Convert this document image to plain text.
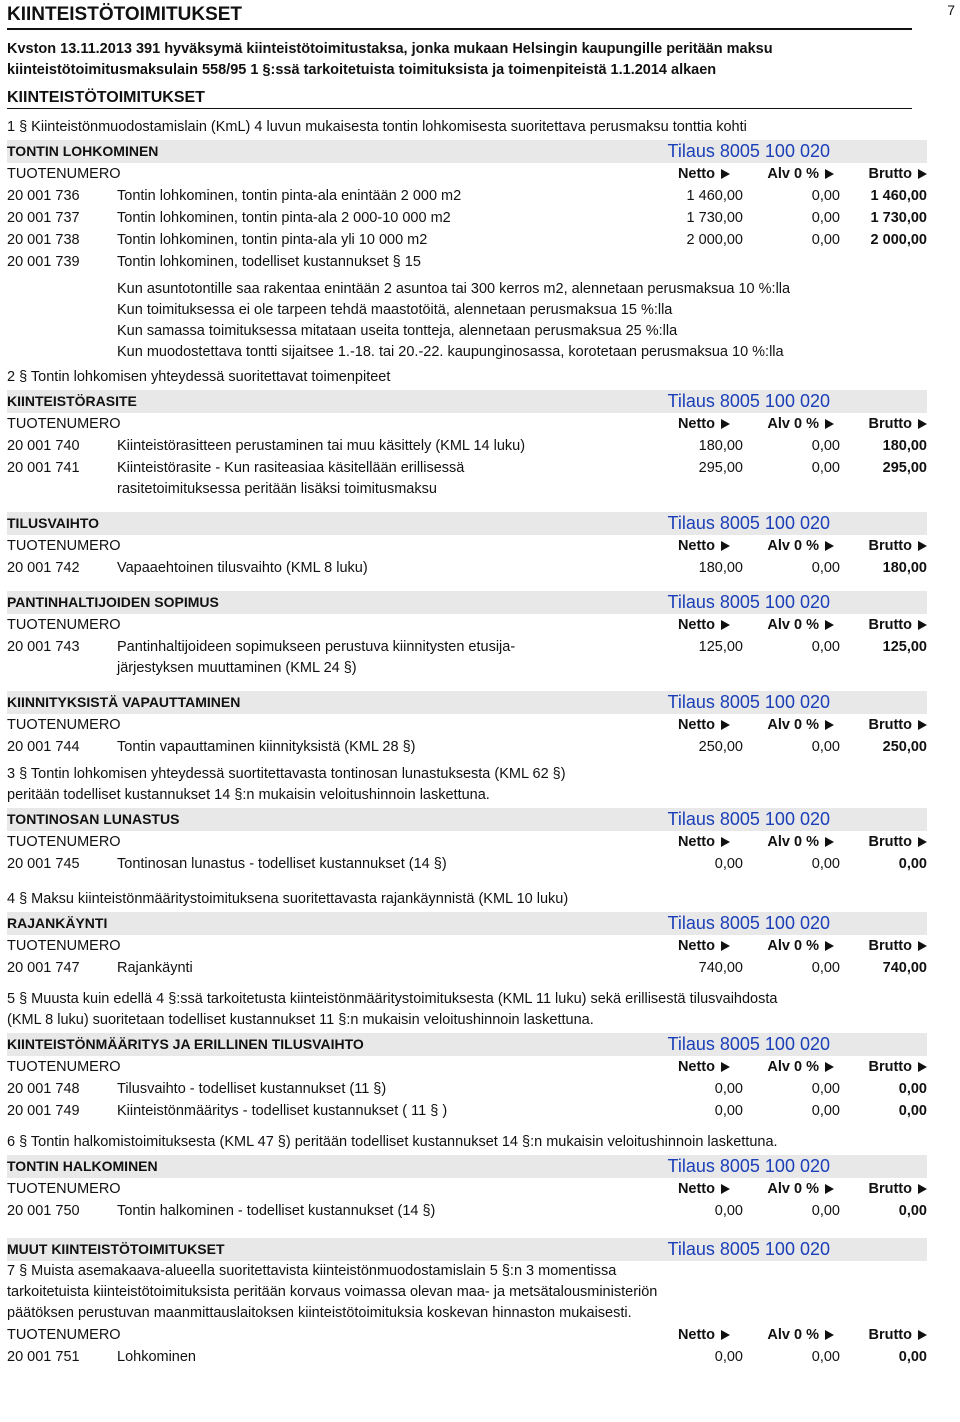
7
KIINTEISTÖTOIMITUKSET
Kvston 13.11.2013 391 hyväksymä kiinteistötoimitustaksa, jonka mukaan Helsingin kaupungille peritään maksu
kiinteistötoimitusmaksulain 558/95 1 §:ssä tarkoitetuista toimituksista ja toimenpiteistä 1.1.2014 alkaen
KIINTEISTÖTOIMITUKSET
1 § Kiinteistönmuodostamislain (KmL) 4 luvun mukaisesta tontin lohkomisesta suoritettava perusmaksu tonttia kohti
TONTIN LOHKOMINEN	Tilaus 8005 100 020
TUOTENUMERO	Netto	Alv 0 %	Brutto
20 001 736	Tontin lohkominen, tontin pinta-ala enintään 2 000 m2	1 460,00	0,00	1 460,00
20 001 737	Tontin lohkominen, tontin pinta-ala 2 000-10 000 m2	1 730,00	0,00	1 730,00
20 001 738	Tontin lohkominen, tontin pinta-ala yli 10 000 m2	2 000,00	0,00	2 000,00
20 001 739	Tontin lohkominen, todelliset kustannukset § 15
Kun asuntotontille saa rakentaa enintään 2 asuntoa tai 300 kerros m2, alennetaan perusmaksua 10 %:lla
Kun toimituksessa ei ole tarpeen tehdä maastotöitä, alennetaan perusmaksua 15 %:lla
Kun samassa toimituksessa mitataan useita tontteja, alennetaan perusmaksua 25 %:lla
Kun muodostettava tontti sijaitsee 1.-18. tai 20.-22. kaupunginosassa, korotetaan perusmaksua 10 %:lla
2 § Tontin lohkomisen yhteydessä suoritettavat toimenpiteet
KIINTEISTÖRASITE	Tilaus 8005 100 020
TUOTENUMERO	Netto	Alv 0 %	Brutto
20 001 740	Kiinteistörasitteen perustaminen tai muu käsittely (KML 14 luku)	180,00	0,00	180,00
20 001 741	Kiinteistörasite - Kun rasiteasiaa käsitellään erillisessä	295,00	0,00	295,00
rasitetoimituksessa peritään lisäksi toimitusmaksu
TILUSVAIHTO	Tilaus 8005 100 020
TUOTENUMERO	Netto	Alv 0 %	Brutto
20 001 742	Vapaaehtoinen tilusvaihto (KML 8 luku)	180,00	0,00	180,00
PANTINHALTIJOIDEN SOPIMUS	Tilaus 8005 100 020
TUOTENUMERO	Netto	Alv 0 %	Brutto
20 001 743	Pantinhaltijoideen sopimukseen perustuva kiinnitysten etusija-	125,00	0,00	125,00
järjestyksen muuttaminen (KML 24 §)
KIINNITYKSISTÄ VAPAUTTAMINEN	Tilaus 8005 100 020
TUOTENUMERO	Netto	Alv 0 %	Brutto
20 001 744	Tontin vapauttaminen kiinnityksistä (KML 28 §)	250,00	0,00	250,00
3 § Tontin lohkomisen yhteydessä suortitettavasta tontinosan lunastuksesta (KML 62 §)
peritään todelliset kustannukset 14 §:n mukaisin veloitushinnoin laskettuna.
TONTINOSAN LUNASTUS	Tilaus 8005 100 020
TUOTENUMERO	Netto	Alv 0 %	Brutto
20 001 745	Tontinosan lunastus - todelliset kustannukset (14 §)	0,00	0,00	0,00
4 § Maksu kiinteistönmääritystoimituksena suoritettavasta rajankäynnistä (KML 10 luku)
RAJANKÄYNTI	Tilaus 8005 100 020
TUOTENUMERO	Netto	Alv 0 %	Brutto
20 001 747	Rajankäynti	740,00	0,00	740,00
5 § Muusta kuin edellä 4 §:ssä tarkoitetusta kiinteistönmääritystoimituksesta (KML 11 luku) sekä erillisestä tilusvaihdosta
(KML 8 luku) suoritetaan todelliset kustannukset 11 §:n mukaisin veloitushinnoin laskettuna.
KIINTEISTÖNMÄÄRITYS JA ERILLINEN TILUSVAIHTO	Tilaus 8005 100 020
TUOTENUMERO	Netto	Alv 0 %	Brutto
20 001 748	Tilusvaihto - todelliset kustannukset (11 §)	0,00	0,00	0,00
20 001 749	Kiinteistönmääritys - todelliset kustannukset ( 11 § )	0,00	0,00	0,00
6 § Tontin halkomistoimituksesta (KML 47 §) peritään todelliset kustannukset 14 §:n mukaisin veloitushinnoin laskettuna.
TONTIN HALKOMINEN	Tilaus 8005 100 020
TUOTENUMERO	Netto	Alv 0 %	Brutto
20 001 750	Tontin halkominen - todelliset kustannukset (14 §)	0,00	0,00	0,00
MUUT KIINTEISTÖTOIMITUKSET	Tilaus 8005 100 020
7 § Muista asemakaava-alueella suoritettavista kiinteistönmuodostamislain 5 §:n 3 momentissa
tarkoitetuista kiinteistötoimituksista peritään korvaus voimassa olevan maa- ja metsätalousministeriön
päätöksen perustuvan maanmittauslaitoksen kiinteistötoimituksia koskevan hinnaston mukaisesti.
TUOTENUMERO	Netto	Alv 0 %	Brutto
20 001 751	Lohkominen	0,00	0,00	0,00
